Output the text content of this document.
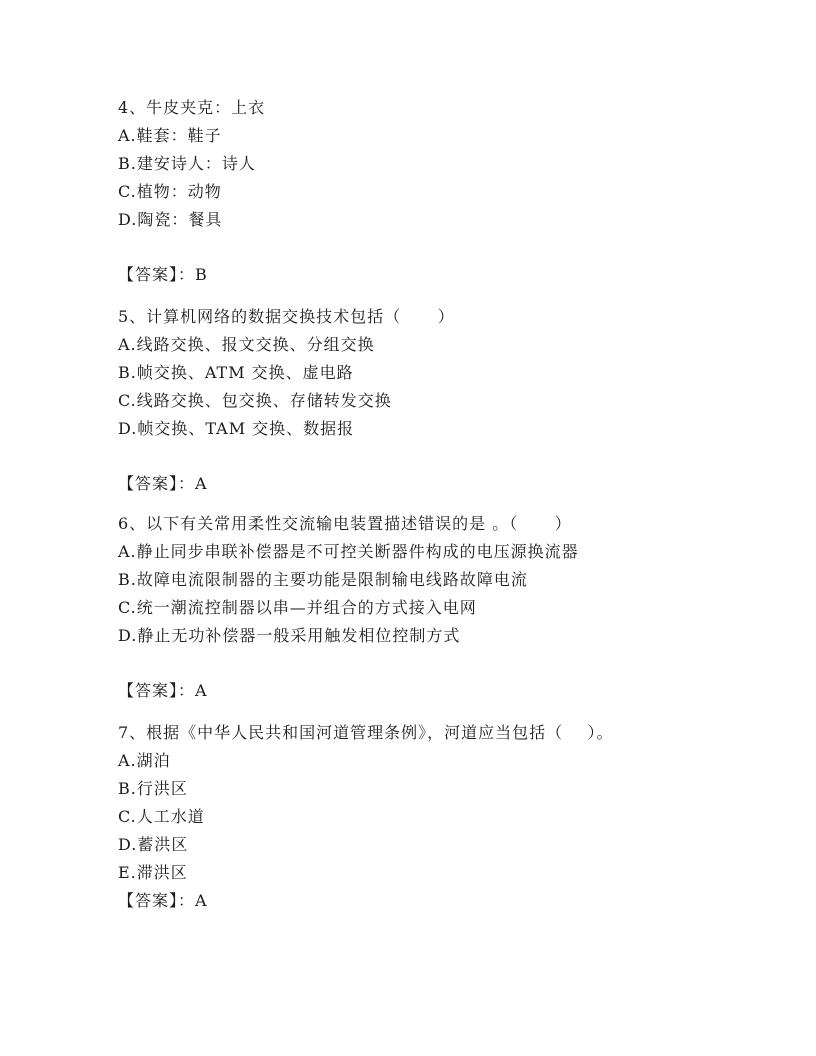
4、牛皮夹克：上衣
A.鞋套：鞋子
B.建安诗人：诗人
C.植物：动物
D.陶瓷：餐具
【答案】：B
5、计算机网络的数据交换技术包括（      ）
A.线路交换、报文交换、分组交换
B.帧交换、ATM 交换、虚电路
C.线路交换、包交换、存储转发交换
D.帧交换、TAM 交换、数据报
【答案】：A
6、以下有关常用柔性交流输电装置描述错误的是 。（      ）
A.静止同步串联补偿器是不可控关断器件构成的电压源换流器
B.故障电流限制器的主要功能是限制输电线路故障电流
C.统一潮流控制器以串—并组合的方式接入电网
D.静止无功补偿器一般采用触发相位控制方式
【答案】：A
7、根据《中华人民共和国河道管理条例》，河道应当包括（    ）。
A.湖泊
B.行洪区
C.人工水道
D.蓄洪区
E.滞洪区
【答案】：A
